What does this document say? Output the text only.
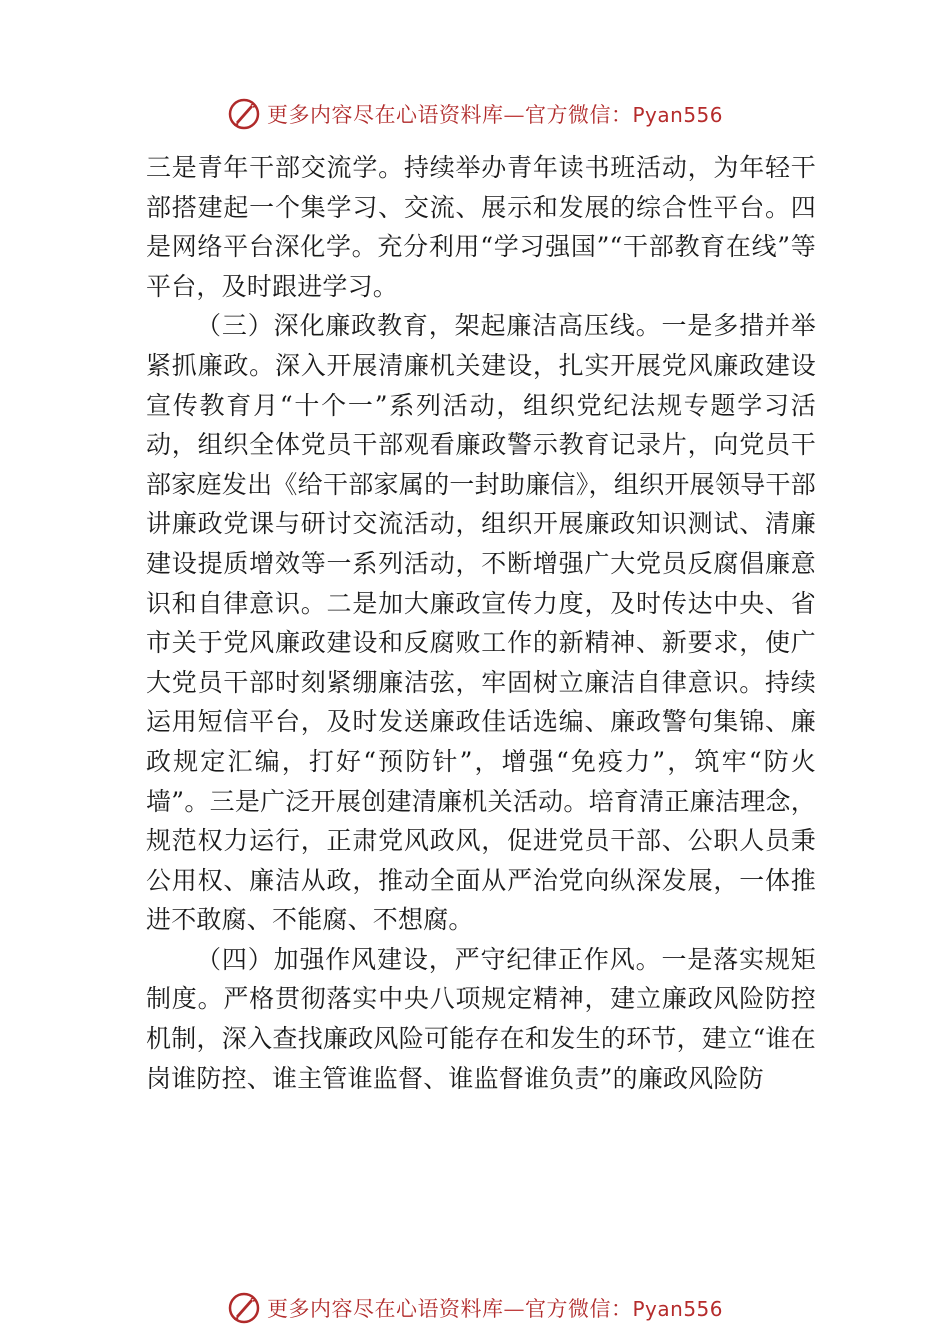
更多内容尽在心语资料库—官方微信：Pyan556

三是青年干部交流学。持续举办青年读书班活动，为年轻干部搭建起一个集学习、交流、展示和发展的综合性平台。四是网络平台深化学。充分利用“学习强国”“干部教育在线”等平台，及时跟进学习。

（三）深化廉政教育，架起廉洁高压线。一是多措并举紧抓廉政。深入开展清廉机关建设，扎实开展党风廉政建设宣传教育月“十个一”系列活动，组织党纪法规专题学习活动，组织全体党员干部观看廉政警示教育记录片，向党员干部家庭发出《给干部家属的一封助廉信》，组织开展领导干部讲廉政党课与研讨交流活动，组织开展廉政知识测试、清廉建设提质增效等一系列活动，不断增强广大党员反腐倡廉意识和自律意识。二是加大廉政宣传力度，及时传达中央、省市关于党风廉政建设和反腐败工作的新精神、新要求，使广大党员干部时刻紧绷廉洁弦，牢固树立廉洁自律意识。持续运用短信平台，及时发送廉政佳话选编、廉政警句集锦、廉政规定汇编，打好“预防针”，增强“免疫力”，筑牢“防火墙”。三是广泛开展创建清廉机关活动。培育清正廉洁理念，规范权力运行，正肃党风政风，促进党员干部、公职人员秉公用权、廉洁从政，推动全面从严治党向纵深发展，一体推进不敢腐、不能腐、不想腐。

（四）加强作风建设，严守纪律正作风。一是落实规矩制度。严格贯彻落实中央八项规定精神，建立廉政风险防控机制，深入查找廉政风险可能存在和发生的环节，建立“谁在岗谁防控、谁主管谁监督、谁监督谁负责”的廉政风险防

更多内容尽在心语资料库—官方微信：Pyan556
